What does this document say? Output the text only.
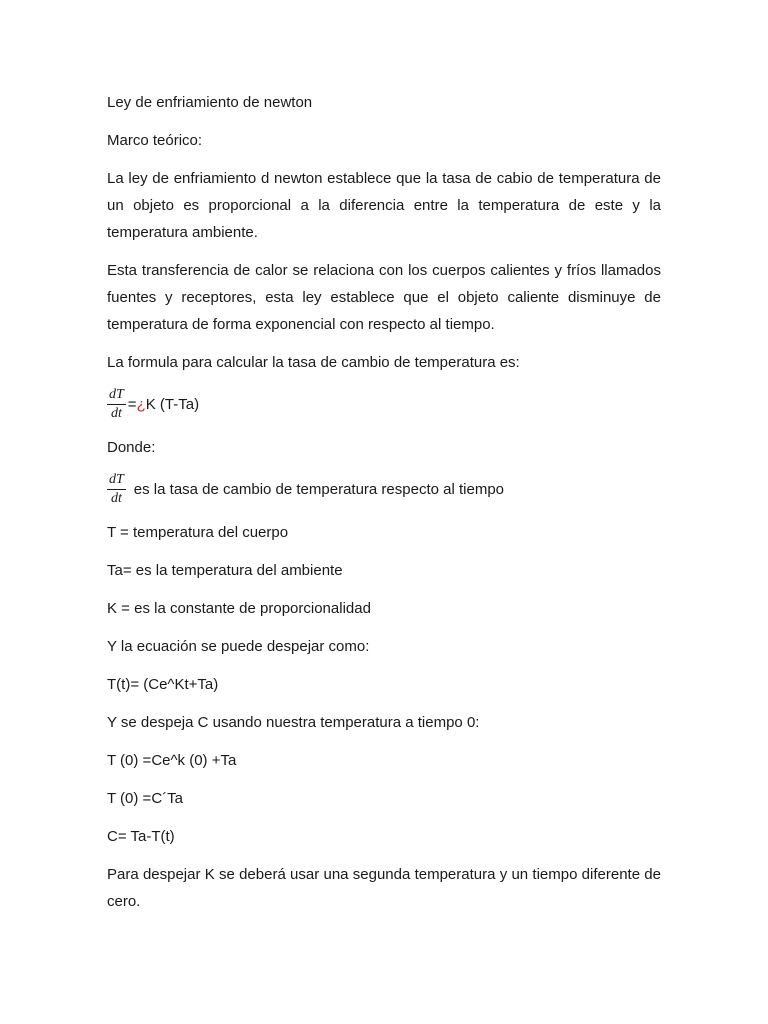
Ley de enfriamiento de newton

Marco teórico:

La ley de enfriamiento d newton establece que la tasa de cabio de temperatura de un objeto es proporcional a la diferencia entre la temperatura de este y la temperatura ambiente.

Esta transferencia de calor se relaciona con los cuerpos calientes y fríos llamados fuentes y receptores, esta ley establece que el objeto caliente disminuye de temperatura de forma exponencial con respecto al tiempo.

La formula para calcular la tasa de cambio de temperatura es:

$\frac{dT}{dt}$ = ¿ K (T-Ta)

Donde:

$\frac{dT}{dt}$ es la tasa de cambio de temperatura respecto al tiempo

T = temperatura del cuerpo

Ta= es la temperatura del ambiente

K = es la constante de proporcionalidad

Y la ecuación se puede despejar como:

T(t)= (Ce^Kt+Ta)

Y se despeja C usando nuestra temperatura a tiempo 0:

T (0) =Ce^k (0) +Ta

T (0) =C´Ta

C= Ta-T(t)

Para despejar K se deberá usar una segunda temperatura y un tiempo diferente de cero.
